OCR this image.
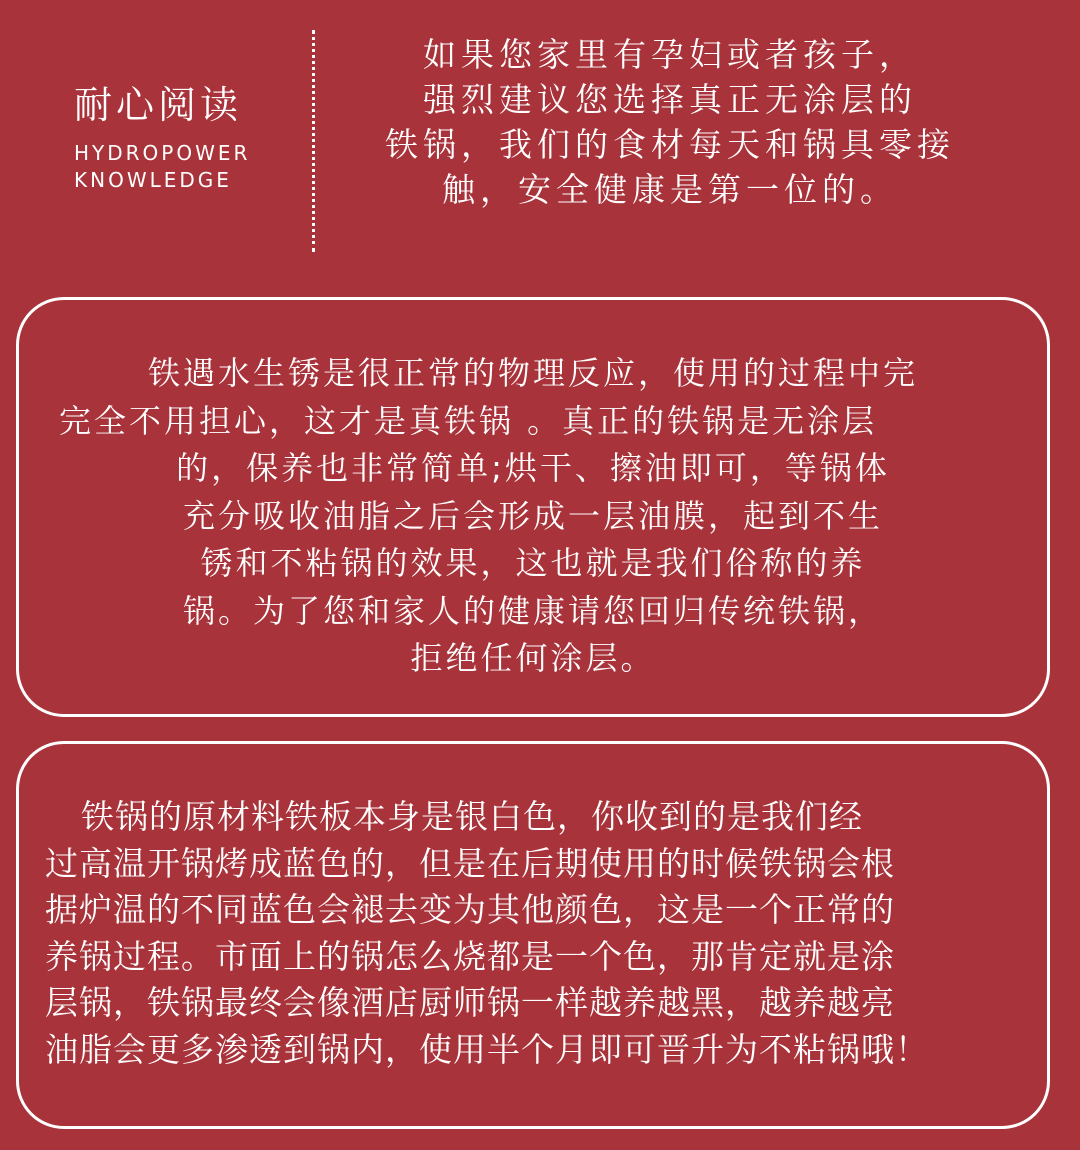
耐心阅读
HYDROPOWER
KNOWLEDGE
如果您家里有孕妇或者孩子，
强烈建议您选择真正无涂层的
铁锅，我们的食材每天和锅具零接
触，安全健康是第一位的。
铁遇水生锈是很正常的物理反应，使用的过程中完
完全不用担心，这才是真铁锅 。真正的铁锅是无涂层
的，保养也非常简单;烘干、擦油即可，等锅体
充分吸收油脂之后会形成一层油膜，起到不生
锈和不粘锅的效果，这也就是我们俗称的养
锅。为了您和家人的健康请您回归传统铁锅，
拒绝任何涂层。
铁锅的原材料铁板本身是银白色，你收到的是我们经
过高温开锅烤成蓝色的，但是在后期使用的时候铁锅会根
据炉温的不同蓝色会褪去变为其他颜色，这是一个正常的
养锅过程。市面上的锅怎么烧都是一个色，那肯定就是涂
层锅，铁锅最终会像酒店厨师锅一样越养越黑，越养越亮
油脂会更多渗透到锅内，使用半个月即可晋升为不粘锅哦！
